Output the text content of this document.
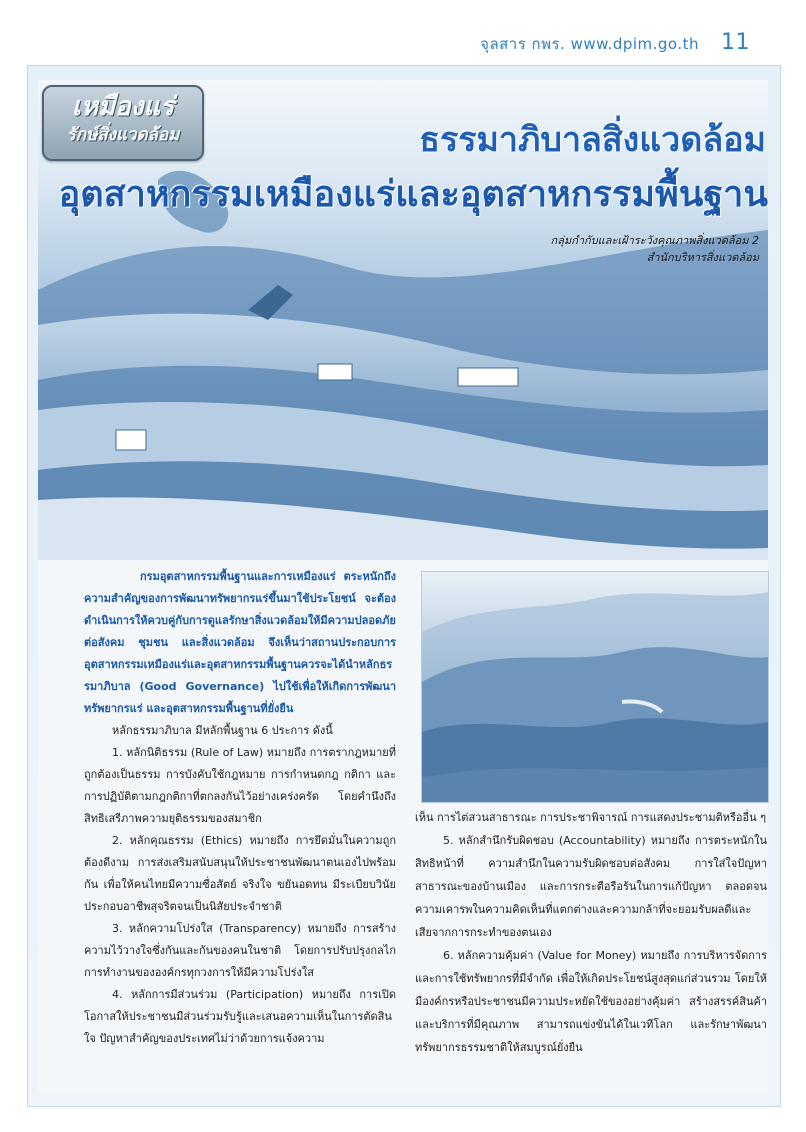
จุลสาร กพร. www.dpim.go.th 11
เหมืองแร่
รักษ์สิ่งแวดล้อม	ธรรมาภิบาลสิ่งแวดล้อม
อุตสาหกรรมเหมืองแร่และอุตสาหกรรมพื้นฐาน
กลุ่มกำกับและเฝ้าระวังคุณภาพสิ่งแวดล้อม 2
สำนักบริหารสิ่งแวดล้อม

กรมอุตสาหกรรมพื้นฐานและการเหมืองแร่ ตระหนักถึงความสำคัญของการพัฒนาทรัพยากรแร่ขึ้นมาใช้ประโยชน์ จะต้องดำเนินการให้ควบคู่กับการดูแลรักษาสิ่งแวดล้อมให้มีความปลอดภัยต่อสังคม ชุมชน และสิ่งแวดล้อม จึงเห็นว่าสถานประกอบการอุตสาหกรรมเหมืองแร่และอุตสาหกรรมพื้นฐานควรจะได้นำหลักธรรมาภิบาล (Good Governance) ไปใช้เพื่อให้เกิดการพัฒนาทรัพยากรแร่ และอุตสาหกรรมพื้นฐานที่ยั่งยืน

หลักธรรมาภิบาล มีหลักพื้นฐาน 6 ประการ ดังนี้

1. หลักนิติธรรม (Rule of Law) หมายถึง การตรากฎหมายที่ถูกต้องเป็นธรรม การบังคับใช้กฎหมาย การกำหนดกฎ กติกา และการปฏิบัติตามกฎกติกาที่ตกลงกันไว้อย่างเคร่งครัด โดยคำนึงถึงสิทธิเสรีภาพความยุติธรรมของสมาชิก

2. หลักคุณธรรม (Ethics) หมายถึง การยึดมั่นในความถูกต้องดีงาม การส่งเสริมสนับสนุนให้ประชาชนพัฒนาตนเองไปพร้อมกัน เพื่อให้คนไทยมีความซื่อสัตย์ จริงใจ ขยันอดทน มีระเบียบวินัย ประกอบอาชีพสุจริตจนเป็นนิสัยประจำชาติ

3. หลักความโปร่งใส (Transparency) หมายถึง การสร้างความไว้วางใจซึ่งกันและกันของคนในชาติ โดยการปรับปรุงกลไกการทำงานขององค์กรทุกวงการให้มีความโปร่งใส

4. หลักการมีส่วนร่วม (Participation) หมายถึง การเปิดโอกาสให้ประชาชนมีส่วนร่วมรับรู้และเสนอความเห็นในการตัดสินใจ ปัญหาสำคัญของประเทศไม่ว่าด้วยการแจ้งความ

เห็น การไต่สวนสาธารณะ การประชาพิจารณ์ การแสดงประชามติหรืออื่น ๆ

5. หลักสำนึกรับผิดชอบ (Accountability) หมายถึง การตระหนักในสิทธิหน้าที่ ความสำนึกในความรับผิดชอบต่อสังคม การใส่ใจปัญหาสาธารณะของบ้านเมือง และการกระตือรือร้นในการแก้ปัญหา ตลอดจนความเคารพในความคิดเห็นที่แตกต่างและความกล้าที่จะยอมรับผลดีและเสียจากการกระทำของตนเอง

6. หลักความคุ้มค่า (Value for Money) หมายถึง การบริหารจัดการและการใช้ทรัพยากรที่มีจำกัด เพื่อให้เกิดประโยชน์สูงสุดแก่ส่วนรวม โดยให้มืองค์กรหรือประชาชนมีความประหยัดใช้ของอย่างคุ้มค่า สร้างสรรค์สินค้าและบริการที่มีคุณภาพ สามารถแข่งขันได้ในเวทีโลก และรักษาพัฒนาทรัพยากรธรรมชาติให้สมบูรณ์ยั่งยืน
